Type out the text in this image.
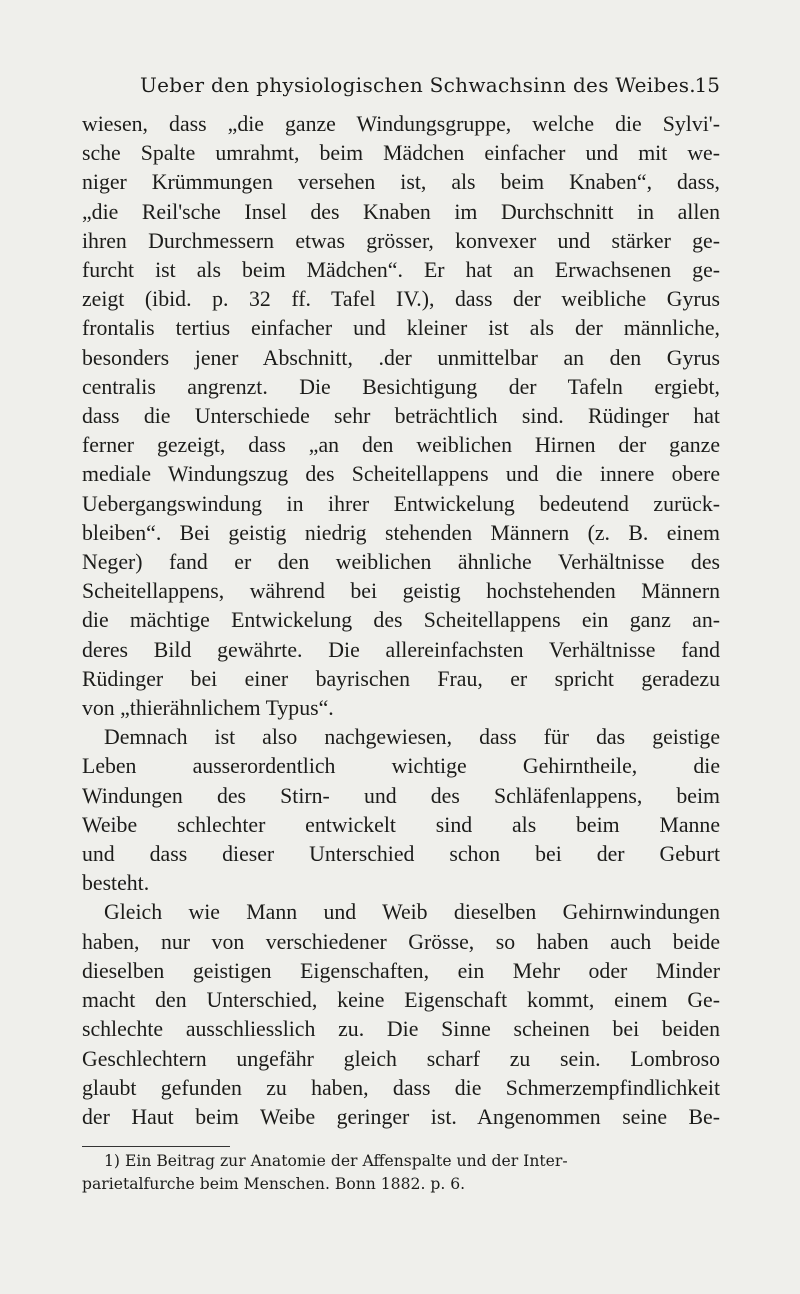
Ueber den physiologischen Schwachsinn des Weibes.
15
wiesen, dass „die ganze Windungsgruppe, welche die Sylvi'-
sche Spalte umrahmt, beim Mädchen einfacher und mit we-
niger Krümmungen versehen ist, als beim Knaben“, dass,
„die Reil'sche Insel des Knaben im Durchschnitt in allen
ihren Durchmessern etwas grösser, konvexer und stärker ge-
furcht ist als beim Mädchen“. Er hat an Erwachsenen ge-
zeigt (ibid. p. 32 ff. Tafel IV.), dass der weibliche Gyrus
frontalis tertius einfacher und kleiner ist als der männliche,
besonders jener Abschnitt, .der unmittelbar an den Gyrus
centralis angrenzt. Die Besichtigung der Tafeln ergiebt,
dass die Unterschiede sehr beträchtlich sind. Rüdinger hat
ferner gezeigt, dass „an den weiblichen Hirnen der ganze
mediale Windungszug des Scheitellappens und die innere obere
Uebergangswindung in ihrer Entwickelung bedeutend zurück-
bleiben“. Bei geistig niedrig stehenden Männern (z. B. einem
Neger) fand er den weiblichen ähnliche Verhältnisse des
Scheitellappens, während bei geistig hochstehenden Männern
die mächtige Entwickelung des Scheitellappens ein ganz an-
deres Bild gewährte. Die allereinfachsten Verhältnisse fand
Rüdinger bei einer bayrischen Frau, er spricht geradezu
von „thierähnlichem Typus“.
Demnach ist also nachgewiesen, dass für das geistige
Leben ausserordentlich wichtige Gehirntheile, die
Windungen des Stirn- und des Schläfenlappens, beim
Weibe schlechter entwickelt sind als beim Manne
und dass dieser Unterschied schon bei der Geburt
besteht.
Gleich wie Mann und Weib dieselben Gehirnwindungen
haben, nur von verschiedener Grösse, so haben auch beide
dieselben geistigen Eigenschaften, ein Mehr oder Minder
macht den Unterschied, keine Eigenschaft kommt, einem Ge-
schlechte ausschliesslich zu. Die Sinne scheinen bei beiden
Geschlechtern ungefähr gleich scharf zu sein. Lombroso
glaubt gefunden zu haben, dass die Schmerzempfindlichkeit
der Haut beim Weibe geringer ist. Angenommen seine Be-
1) Ein Beitrag zur Anatomie der Affenspalte und der Inter-
parietalfurche beim Menschen. Bonn 1882. p. 6.
